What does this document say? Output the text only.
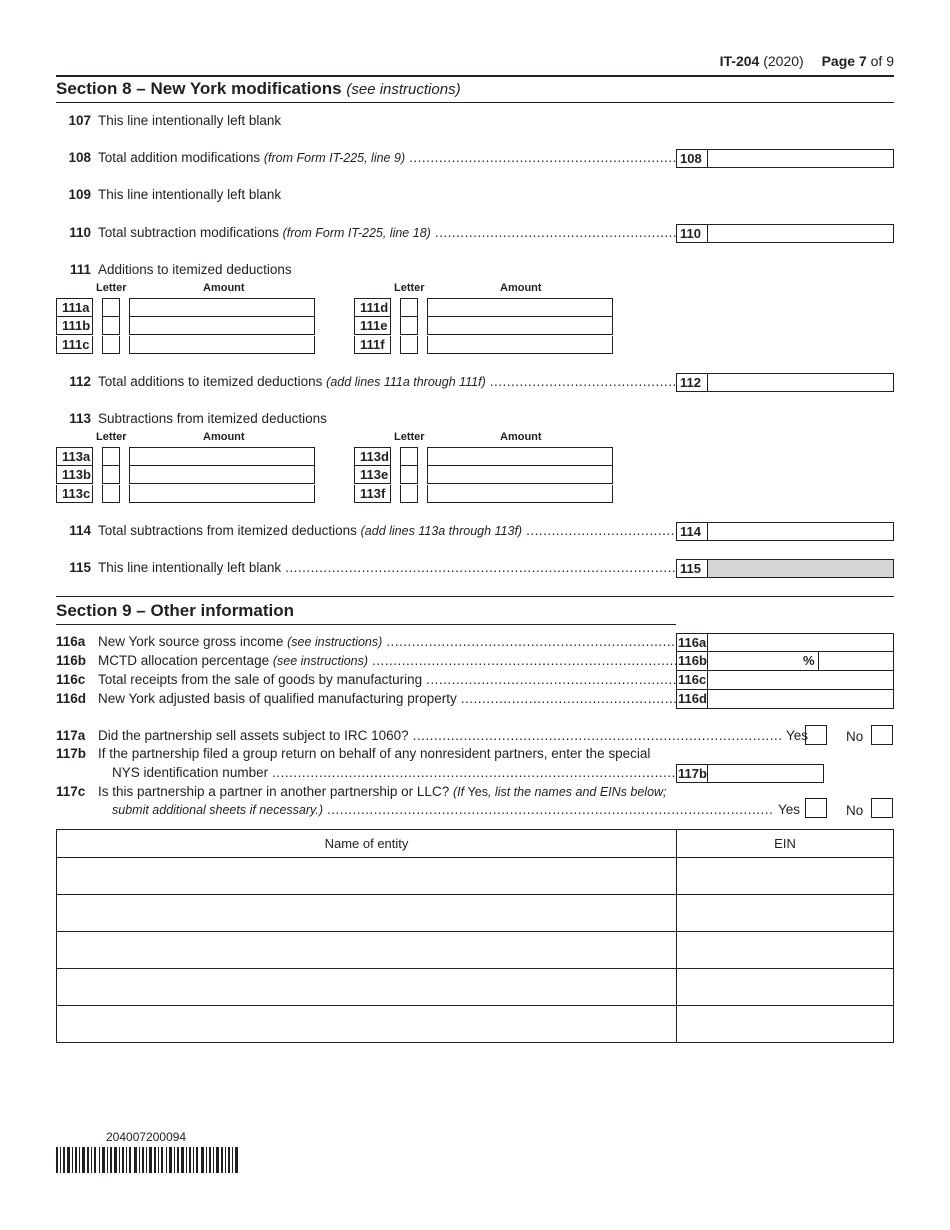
IT-204 (2020) Page 7 of 9
Section 8 – New York modifications (see instructions)
107 This line intentionally left blank
108 Total addition modifications (from Form IT-225, line 9) .....	108
109 This line intentionally left blank
110 Total subtraction modifications (from Form IT-225, line 18) .....	110
111 Additions to itemized deductions
Letter	Amount	Letter	Amount
111a
111b
111c
111d
111e
111f
112 Total additions to itemized deductions (add lines 111a through 111f) .....	112
113 Subtractions from itemized deductions
Letter	Amount	Letter	Amount
113a
113b
113c
113d
113e
113f
114 Total subtractions from itemized deductions (add lines 113a through 113f) .....	114
115 This line intentionally left blank .....	115
Section 9 – Other information
116a New York source gross income (see instructions) .....	116a
116b MCTD allocation percentage (see instructions) .....	116b	%
116c Total receipts from the sale of goods by manufacturing .....	116c
116d New York adjusted basis of qualified manufacturing property .....	116d
117a Did the partnership sell assets subject to IRC 1060? .....	Yes	No
117b If the partnership filed a group return on behalf of any nonresident partners, enter the special
NYS identification number .....	117b
117c Is this partnership a partner in another partnership or LLC? (If Yes, list the names and EINs below;
submit additional sheets if necessary.) .....	Yes	No
Name of entity	EIN

204007200094
